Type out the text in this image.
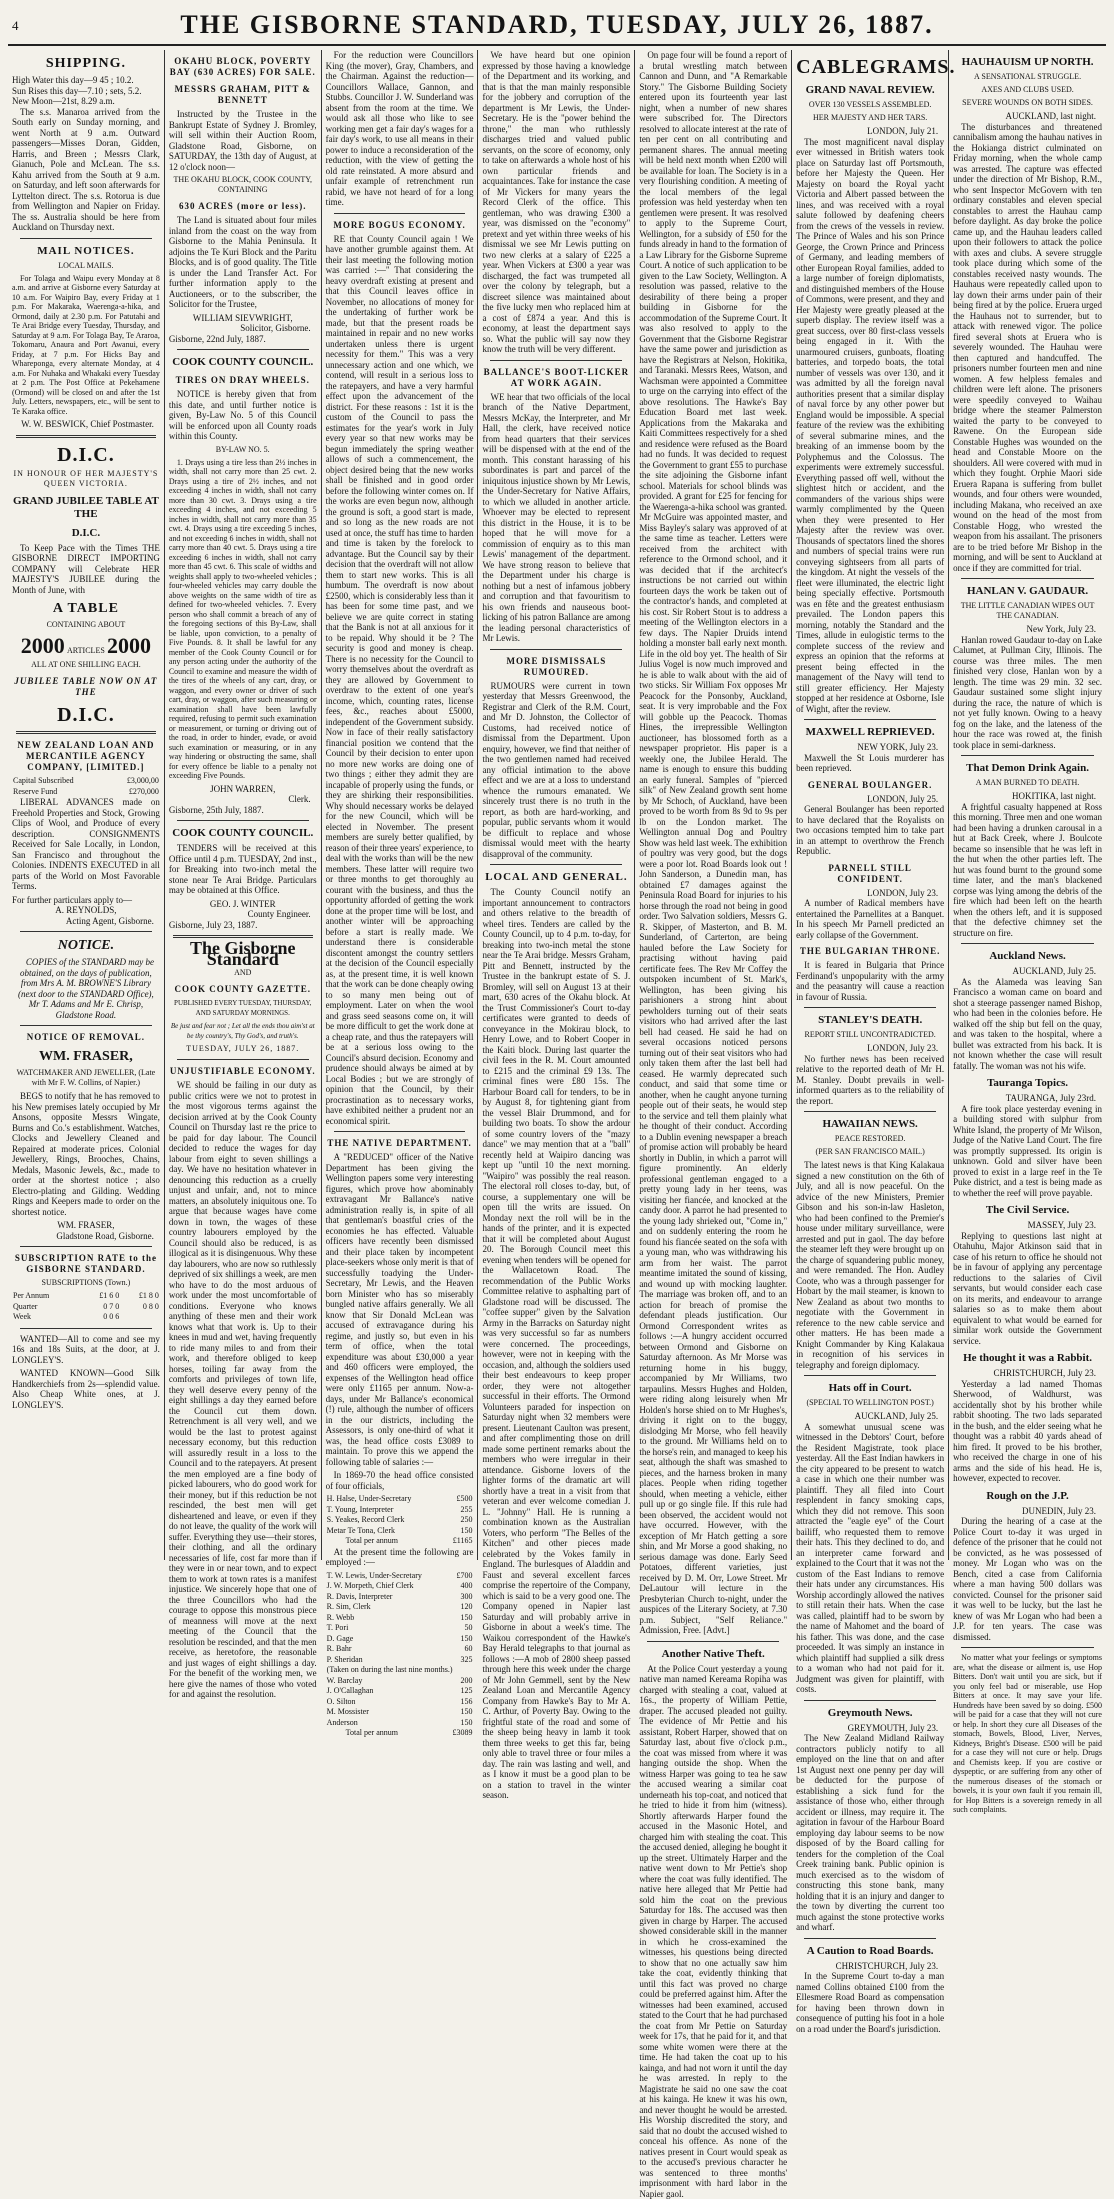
4	THE GISBORNE STANDARD, TUESDAY, JULY 26, 1887.
SHIPPING.
High Water this day—9 45 ; 10.2.
Sun Rises this day—7.10 ; sets, 5.2.
New Moon—21st, 8.29 a.m.

The s.s. Manaroa arrived from the South early on Sunday morning, and went North at 9 a.m. Outward passengers—Misses Doran, Gidden, Harris, and Breen ; Messrs Clark, Gianuch, Pole and McLean. The s.s. Kahu arrived from the South at 9 a.m. on Saturday, and left soon afterwards for Lyttelton direct. The s.s. Rotorua is due from Wellington and Napier on Friday. The ss. Australia should be here from Auckland on Thursday next.

MAIL NOTICES.
LOCAL MAILS.

For Tolaga and Waipu every Monday at 8 a.m. and arrive at Gisborne every Saturday at 10 a.m. For Waipiro Bay, every Friday at 1 p.m. For Makaraka, Waerenga-a-hika, and Ormond, daily at 2.30 p.m. For Patutahi and Te Arai Bridge every Tuesday, Thursday, and Saturday at 9 a.m. For Tolaga Bay, Te Araroa, Tokomaru, Anaura and Port Awanui, every Friday, at 7 p.m. For Hicks Bay and Whareponga, every alternate Monday, at 4 a.m. For Nuhaka and Whakaki every Tuesday at 2 p.m. The Post Office at Pekehamene (Ormond) will be closed on and after the 1st July. Letters, newspapers, etc., will be sent to Te Karaka office.

W. W. BESWICK, Chief Postmaster.
D.I.C.
IN HONOUR OF HER MAJESTY'S QUEEN VICTORIA.
GRAND JUBILEE TABLE AT THE
D.I.C.

To Keep Pace with the Times THE GISBORNE DIRECT IMPORTING COMPANY will Celebrate HER MAJESTY'S JUBILEE during the Month of June, with

A TABLE
CONTAINING ABOUT
2000 ARTICLES 2000
ALL AT ONE SHILLING EACH.
JUBILEE TABLE NOW ON AT THE
D.I.C.
NEW ZEALAND LOAN AND MERCANTILE AGENCY COMPANY, [LIMITED.]
Capital Subscribed	£3,000,00
Reserve Fund	£270,000

LIBERAL ADVANCES made on Freehold Properties and Stock, Growing Clips of Wool, and Produce of every description. CONSIGNMENTS Received for Sale Locally, in London, San Francisco and throughout the Colonies. INDENTS EXECUTED in all parts of the World on Most Favorable Terms.

For further particulars apply to—
A. REYNOLDS,
Acting Agent, Gisborne.
NOTICE.

COPIES of the STANDARD may be obtained, on the days of publication, from Mrs A. M. BROWNE'S Library (next door to the STANDARD Office), Mr T. Adams and Mr E. Chrisp, Gladstone Road.

NOTICE OF REMOVAL.
WM. FRASER,
WATCHMAKER AND JEWELLER, (Late with Mr F. W. Collins, of Napier.)

BEGS to notify that he has removed to his New premises lately occupied by Mr Ansons, opposite Messrs Wingate, Burns and Co.'s establishment. Watches, Clocks and Jewellery Cleaned and Repaired at moderate prices. Colonial Jewellery, Rings, Brooches, Chains, Medals, Masonic Jewels, &c., made to order at the shortest notice ; also Electro-plating and Gilding. Wedding Rings and Keepers made to order on the shortest notice.

WM. FRASER,
Gladstone Road, Gisborne.
SUBSCRIPTION RATE to the GISBORNE STANDARD.
SUBSCRIPTIONS (Town.)
Per Annum	£1 6 0	£1 8 0
Quarter	0 7 0	0 8 0
Week	0 0 6	

WANTED—All to come and see my 16s and 18s Suits, at the door, at J. LONGLEY'S.

WANTED KNOWN—Good Silk Handkerchiefs from 2s—splendid value. Also Cheap White ones, at J. LONGLEY'S.

OKAHU BLOCK, POVERTY BAY (630 ACRES) FOR SALE.
MESSRS GRAHAM, PITT & BENNETT

Instructed by the Trustee in the Bankrupt Estate of Sydney J. Bromley, will sell within their Auction Room, Gladstone Road, Gisborne, on SATURDAY, the 13th day of August, at 12 o'clock noon—

THE OKAHU BLOCK, COOK COUNTY, CONTAINING
630 ACRES (more or less).

The Land is situated about four miles inland from the coast on the way from Gisborne to the Mahia Peninsula. It adjoins the Te Kuri Block and the Paritu Blocks, and is of good quality. The Title is under the Land Transfer Act. For further information apply to the Auctioneers, or to the subscriber, the Solicitor for the Trustee,

WILLIAM SIEVWRIGHT,
Solicitor, Gisborne.
Gisborne, 22nd July, 1887.
COOK COUNTY COUNCIL.
TIRES ON DRAY WHEELS.

NOTICE is hereby given that from this date, and until further notice is given, By-Law No. 5 of this Council will be enforced upon all County roads within this County.

BY-LAW NO. 5.

1. Drays using a tire less than 2½ inches in width, shall not carry more than 25 cwt. 2. Drays using a tire of 2½ inches, and not exceeding 4 inches in width, shall not carry more than 30 cwt. 3. Drays using a tire exceeding 4 inches, and not exceeding 5 inches in width, shall not carry more than 35 cwt. 4. Drays using a tire exceeding 5 inches, and not exceeding 6 inches in width, shall not carry more than 40 cwt. 5. Drays using a tire exceeding 6 inches in width, shall not carry more than 45 cwt. 6. This scale of widths and weights shall apply to two-wheeled vehicles ; four-wheeled vehicles may carry double the above weights on the same width of tire as defined for two-wheeled vehicles. 7. Every person who shall commit a breach of any of the foregoing sections of this By-Law, shall be liable, upon conviction, to a penalty of Five Pounds. 8. It shall be lawful for any member of the Cook County Council or for any person acting under the authority of the Council to examine and measure the width of the tires of the wheels of any cart, dray, or waggon, and every owner or driver of such cart, dray, or waggon, after such measuring or examination shall have been lawfully required, refusing to permit such examination or measurement, or turning or driving out of the road, in order to hinder, evade, or avoid such examination or measuring, or in any way hindering or obstructing the same, shall for every offence be liable to a penalty not exceeding Five Pounds.

JOHN WARREN,
Clerk.
Gisborne, 25th July, 1887.
COOK COUNTY COUNCIL.

TENDERS will be received at this Office until 4 p.m. TUESDAY, 2nd inst., for Breaking into two-inch metal the stone near Te Arai Bridge. Particulars may be obtained at this Office.

GEO. J. WINTER
County Engineer.
Gisborne, July 23, 1887.
The Gisborne Standard
AND
COOK COUNTY GAZETTE.
PUBLISHED EVERY TUESDAY, THURSDAY, AND SATURDAY MORNINGS.
Be just and fear not ; Let all the ends thou aim'st at be thy country's, Thy God's, and truth's.
TUESDAY, JULY 26, 1887.
UNJUSTIFIABLE ECONOMY.

WE should be failing in our duty as public critics were we not to protest in the most vigorous terms against the decision arrived at by the Cook County Council on Thursday last re the price to be paid for day labour. The Council decided to reduce the wages for day labour from eight to seven shillings a day. We have no hesitation whatever in denouncing this reduction as a cruelly unjust and unfair, and, not to mince matters, an absolutely iniquitous one. To argue that because wages have come down in town, the wages of these country labourers employed by the Council should also be reduced, is as illogical as it is disingenuous. Why these day labourers, who are now so ruthlessly deprived of six shillings a week, are men who have to do the most arduous of work under the most uncomfortable of conditions. Everyone who knows anything of these men and their work knows what that work is. Up to their knees in mud and wet, having frequently to ride many miles to and from their work, and therefore obliged to keep horses, toiling far away from the comforts and privileges of town life, they well deserve every penny of the eight shillings a day they earned before the Council cut them down. Retrenchment is all very well, and we would be the last to protest against necessary economy, but this reduction will assuredly result in a loss to the Council and to the ratepayers. At present the men employed are a fine body of picked labourers, who do good work for their money, but if this reduction be not rescinded, the best men will get disheartened and leave, or even if they do not leave, the quality of the work will suffer. Everything they use—their stores, their clothing, and all the ordinary necessaries of life, cost far more than if they were in or near town, and to expect them to work at town rates is a manifest injustice. We sincerely hope that one of the three Councillors who had the courage to oppose this monstrous piece of meanness will move at the next meeting of the Council that the resolution be rescinded, and that the men receive, as heretofore, the reasonable and just wages of eight shillings a day. For the benefit of the working men, we here give the names of those who voted for and against the resolution.

For the reduction were Councillors King (the mover), Gray, Chambers, and the Chairman. Against the reduction—Councillors Wallace, Gannon, and Stubbs. Councillor J. W. Sunderland was absent from the room at the time. We would ask all those who like to see working men get a fair day's wages for a fair day's work, to use all means in their power to induce a reconsideration of the reduction, with the view of getting the old rate reinstated. A more absurd and unfair example of retrenchment run rabid, we have not heard of for a long time.

MORE BOGUS ECONOMY.

RE that County Council again ! We have another grumble against them. At their last meeting the following motion was carried :—" That considering the heavy overdraft existing at present and that this Council leaves office in November, no allocations of money for the undertaking of further work be made, but that the present roads be maintained in repair and no new works undertaken unless there is urgent necessity for them." This was a very unnecessary action and one which, we contend, will result in a serious loss to the ratepayers, and have a very harmful effect upon the advancement of the district. For these reasons : 1st it is the custom of the Council to pass the estimates for the year's work in July every year so that new works may be begun immediately the spring weather allows of such a commencement, the object desired being that the new works shall be finished and in good order before the following winter comes on. If the works are even begun now, although the ground is soft, a good start is made, and so long as the new roads are not used at once, the stuff has time to harden and time is taken by the forelock to advantage. But the Council say by their decision that the overdraft will not allow them to start new works. This is all humbum. The overdraft is now about £2500, which is considerably less than it has been for some time past, and we believe we are quite correct in stating that the Bank is not at all anxious for it to be repaid. Why should it be ? The security is good and money is cheap. There is no necessity for the Council to worry themselves about the overdraft as they are allowed by Government to overdraw to the extent of one year's income, which, counting rates, license fees, &c., reaches about £5000, independent of the Government subsidy. Now in face of their really satisfactory financial position we contend that the Council by their decision to enter upon no more new works are doing one of two things ; either they admit they are incapable of properly using the funds, or they are shirking their responsibilities. Why should necessary works be delayed for the new Council, which will be elected in November. The present members are surely better qualified, by reason of their three years' experience, to deal with the works than will be the new members. These latter will require two or three months to get thoroughly au courant with the business, and thus the opportunity afforded of getting the work done at the proper time will be lost, and another winter will be approaching before a start is really made. We understand there is considerable discontent amongst the country settlers at the decision of the Council especially as, at the present time, it is well known that the work can be done cheaply owing to so many men being out of employment. Later on when the wool and grass seed seasons come on, it will be more difficult to get the work done at a cheap rate, and thus the ratepayers will be at a serious loss owing to the Council's absurd decision. Economy and prudence should always be aimed at by Local Bodies ; but we are strongly of opinion that the Council, by their procrastination as to necessary works, have exhibited neither a prudent nor an economical spirit.

THE NATIVE DEPARTMENT.

A "REDUCED" officer of the Native Department has been giving the Wellington papers some very interesting figures, which prove how abominably extravagant Mr Ballance's native administration really is, in spite of all that gentleman's boastful cries of the economies he has effected. Valuable officers have recently been dismissed and their place taken by incompetent place-seekers whose only merit is that of successfully toadying the Under-Secretary, Mr Lewis, and the Heaven born Minister who has so miserably bungled native affairs generally. We all know that Sir Donald McLean was accused of extravagance during his regime, and justly so, but even in his term of office, when the total expenditure was about £30,000 a year and 460 officers were employed, the expenses of the Wellington head office were only £1165 per annum. Now-a-days, under Mr Ballance's economical (!) rule, although the number of officers in the our districts, including the Assessors, is only one-third of what it was, the head office costs £3089 to maintain. To prove this we append the following table of salaries :—

In 1869-70 the head office consisted of four officials,

H. Halse, Under-Secretary	£500
T. Young, Interpreter	255
S. Yeakes, Record Clerk	250
Metar Te Tona, Clerk	150
Total per annum	£1165

At the present time the following are employed :—

T. W. Lewis, Under-Secretary	£700
J. W. Morpeth, Chief Clerk	400
R. Davis, Interpreter	300
R. Sim, Clerk	120
R. Webb	150
T. Pori	50
D. Gage	150
R. Bahr	60
P. Sheridan	325
(Taken on during the last nine months.)	
W. Barclay	200
J. O'Callaghan	125
O. Silton	156
M. Mossister	150
Anderson	150
Total per annum	£3089

We have heard but one opinion expressed by those having a knowledge of the Department and its working, and that is that the man mainly responsible for the jobbery and corruption of the department is Mr Lewis, the Under-Secretary. He is the "power behind the throne," the man who ruthlessly discharges tried and valued public servants, on the score of economy, only to take on afterwards a whole host of his own particular friends and acquaintances. Take for instance the case of Mr Vickers for many years the Record Clerk of the office. This gentleman, who was drawing £300 a year, was dismissed on the "economy" pretext and yet within three weeks of his dismissal we see Mr Lewis putting on two new clerks at a salary of £225 a year. When Vickers at £300 a year was discharged, the fact was trumpeted all over the colony by telegraph, but a discreet silence was maintained about the five lucky men who replaced him at a cost of £874 a year. And this is economy, at least the department says so. What the public will say now they know the truth will be very different.

BALLANCE'S BOOT-LICKER AT WORK AGAIN.

WE hear that two officials of the local branch of the Native Department, Messrs McKay, the Interpreter, and Mr Hall, the clerk, have received notice from head quarters that their services will be dispensed with at the end of the month. This constant harassing of his subordinates is part and parcel of the iniquitous injustice shown by Mr Lewis, the Under-Secretary for Native Affairs, to which we alluded in another article. Whoever may be elected to represent this district in the House, it is to be hoped that he will move for a commission of enquiry as to this man Lewis' management of the department. We have strong reason to believe that the Department under his charge is nothing but a nest of infamous jobbery and corruption and that favouritism to his own friends and nauseous boot-licking of his patron Ballance are among the leading personal characteristics of Mr Lewis.

MORE DISMISSALS RUMOURED.

RUMOURS were current in town yesterday that Messrs Greenwood, the Registrar and Clerk of the R.M. Court, and Mr D. Johnston, the Collector of Customs, had received notice of dismissal from the Department. Upon enquiry, however, we find that neither of the two gentlemen named had received any official intimation to the above effect and we are at a loss to understand whence the rumours emanated. We sincerely trust there is no truth in the report, as both are hard-working, and popular, public servants whom it would be difficult to replace and whose dismissal would meet with the hearty disapproval of the community.

LOCAL AND GENERAL.

The County Council notify an important announcement to contractors and others relative to the breadth of wheel tires. Tenders are called by the County Council, up to 4 p.m. to-day, for breaking into two-inch metal the stone near the Te Arai bridge. Messrs Graham, Pitt and Bennett, instructed by the Trustee in the bankrupt estate of S. J. Bromley, will sell on August 13 at their mart, 630 acres of the Okahu block. At the Trust Commissioner's Court to-day certificates were granted to deeds of conveyance in the Mokirau block, to Henry Lowe, and to Robert Cooper in the Kaiti block. During last quarter the civil fees in the R. M. Court amounted to £215 and the criminal £9 13s. The criminal fines were £80 15s. The Harbour Board call for tenders, to be in by August 8, for tightening giant from the vessel Blair Drummond, and for building two boats. To show the ardour of some country lovers of the "mazy dance" we may mention that at a "ball" recently held at Waipiro dancing was kept up "until 10 the next morning. "Waipiro" was possibly the real reason. The electoral roll closes to-day, but, of course, a supplementary one will be open till the writs are issued. On Monday next the roll will be in the hands of the printer, and it is expected that it will be completed about August 20. The Borough Council meet this evening when tenders will be opened for the Wallacetown Road. The recommendation of the Public Works Committee relative to asphalting part of Gladstone road will be discussed. The "coffee supper" given by the Salvation Army in the Barracks on Saturday night was very successful so far as numbers were concerned. The proceedings, however, were not in keeping with the occasion, and, although the soldiers used their best endeavours to keep proper order, they were not altogether successful in their efforts. The Ormond Volunteers paraded for inspection on Saturday night when 32 members were present. Lieutenant Caulton was present, and after complimenting those on drill made some pertinent remarks about the members who were irregular in their attendance. Gisborne lovers of the lighter forms of the dramatic art will shortly have a treat in a visit from that veteran and ever welcome comedian J. L. "Johnny" Hall. He is running a combination known as the Australian Voters, who perform "The Belles of the Kitchen" and other pieces made celebrated by the Vokes family in England. The burlesques of Aladdin and Faust and several excellent farces comprise the repertoire of the Company, which is said to be a very good one. The Company opened in Napier last Saturday and will probably arrive in Gisborne in about a week's time. The Waikou correspondent of the Hawke's Bay Herald telegraphs to that journal as follows :—A mob of 2800 sheep passed through here this week under the charge of Mr John Gemmell, sent by the New Zealand Loan and Mercantile Agency Company from Hawke's Bay to Mr A. C. Arthur, of Poverty Bay. Owing to the frightful state of the road and some of the sheep being heavy in lamb it took them three weeks to get this far, being only able to travel three or four miles a day. The rain was lasting and well, and as I know it must be a good plan to be on a station to travel in the winter season.

On page four will be found a report of a brutal wrestling match between Cannon and Dunn, and "A Remarkable Story." The Gisborne Building Society entered upon its fourteenth year last night, when a number of new shares were subscribed for. The Directors resolved to allocate interest at the rate of ten per cent on all contributing and permanent shares. The annual meeting will be held next month when £200 will be available for loan. The Society is in a very flourishing condition. A meeting of the local members of the legal profession was held yesterday when ten gentlemen were present. It was resolved to apply to the Supreme Court, Wellington, for a subsidy of £50 for the funds already in hand to the formation of a Law Library for the Gisborne Supreme Court. A notice of such application to be given to the Law Society, Wellington. A resolution was passed, relative to the desirability of there being a proper building in Gisborne for the accommodation of the Supreme Court. It was also resolved to apply to the Government that the Gisborne Registrar have the same power and jurisdiction as have the Registrars at Nelson, Hokitika, and Taranaki. Messrs Rees, Watson, and Wachsman were appointed a Committee to urge on the carrying into effect of the above resolutions. The Hawke's Bay Education Board met last week. Applications from the Makaraka and Kaiti Committees respectively for a shed and residence were refused as the Board had no funds. It was decided to request the Government to grant £55 to purchase the site adjoining the Gisborne infant school. Materials for school blinds was provided. A grant for £25 for fencing for the Waerenga-a-hika school was granted. Mr McGuire was appointed master, and Miss Bayley's salary was approved of at the same time as teacher. Letters were received from the architect with reference to the Ormond school, and it was decided that if the architect's instructions be not carried out within fourteen days the work be taken out of the contractor's hands, and completed at his cost. Sir Robert Stout is to address a meeting of the Wellington electors in a few days. The Napier Druids intend holding a monster ball early next month. Life in the old boy yet. The health of Sir Julius Vogel is now much improved and he is able to walk about with the aid of two sticks. Sir William Fox opposes Mr Peacock for the Ponsonby, Auckland, seat. It is very improbable and the Fox will gobble up the Peacock. Thomas Hines, the irrepressible Wellington auctioneer, has blossomed forth as a newspaper proprietor. His paper is a weekly one, the Jubilee Herald. The name is enough to ensure this budding an early funeral. Samples of "pierced silk" of New Zealand growth sent home by Mr Schoch, of Auckland, have been proved to be worth from 8s 9d to 9s per lb on the London market. The Wellington annual Dog and Poultry Show was held last week. The exhibition of poultry was very good, but the dogs were a poor lot. Road Boards look out ! John Sanderson, a Dunedin man, has obtained £7 damages against the Peninsula Road Board for injuries to his horse through the road not being in good order. Two Salvation soldiers, Messrs G. R. Skipper, of Masterton, and B. M. Sunderland, of Carterton, are being hauled before the Law Society for practising without having paid certificate fees. The Rev Mr Coffey the outspoken incumbent of St. Mark's, Wellington, has been giving his parishioners a strong hint about pewholders turning out of their seats visitors who had arrived after the last bell had ceased. He said he had on several occasions noticed persons turning out of their seat visitors who had only taken them after the last bell had ceased. He warmly deprecated such conduct, and said that some time or another, when he caught anyone turning people out of their seats, he would step to the service and tell them plainly what he thought of their conduct. According to a Dublin evening newspaper a breach of promise action will probably be heard shortly in Dublin, in which a parrot will figure prominently. An elderly professional gentleman engaged to a pretty young lady in her teens, was visiting her fiancée, and knocked at the candy door. A parrot he had presented to the young lady shrieked out, "Come in," and on suddenly entering the room he found his fiancée seated on the sofa with a young man, who was withdrawing his arm from her waist. The parrot meantime imitated the sound of kissing, and wound up with mocking laughter. The marriage was broken off, and to an action for breach of promise the defendant pleads justification. Our Ormond Correspondent writes as follows :—A hungry accident occurred between Ormond and Gisborne on Saturday afternoon. As Mr Morse was returning home in his buggy, accompanied by Mr Williams, two tarpaulins. Messrs Hughes and Holden, were riding along leisurely when Mr Holden's horse shied on to Mr Hughes's, driving it right on to the buggy, dislodging Mr Morse, who fell heavily to the ground. Mr Williams held on to the horse's rein, and managed to keep his seat, although the shaft was smashed to pieces, and the harness broken in many places. People when riding together should, when meeting a vehicle, either pull up or go single file. If this rule had been observed, the accident would not have occurred. However, with the exception of Mr Hatch getting a sore shin, and Mr Morse a good shaking, no serious damage was done. Early Seed Potatoes, different varieties, just received by D. M. Orr, Lowe Street. Mr DeLautour will lecture in the Presbyterian Church to-night, under the auspices of the Literary Society, at 7.30 p.m. Subject, "Self Reliance." Admission, Free. [Advt.]

Another Native Theft.

At the Police Court yesterday a young native man named Kereama Ropiha was charged with stealing a coat, valued at 16s., the property of William Pettie, draper. The accused pleaded not guilty. The evidence of Mr Pettie and his assistant, Robert Harper, showed that on Saturday last, about five o'clock p.m., the coat was missed from where it was hanging outside the shop. When the witness Harper was going to tea he saw the accused wearing a similar coat underneath his top-coat, and noticed that he tried to hide it from him (witness). Shortly afterwards Harper found the accused in the Masonic Hotel, and charged him with stealing the coat. This the accused denied, alleging he bought it up the street. Ultimately Harper and the native went down to Mr Pettie's shop where the coat was fully identified. The native here alleged that Mr Pettie had sold him the coat on the previous Saturday for 18s. The accused was then given in charge by Harper. The accused showed considerable skill in the manner in which he cross-examined the witnesses, his questions being directed to show that no one actually saw him take the coat, evidently thinking that until this fact was proved no charge could be preferred against him. After the witnesses had been examined, accused stated to the Court that he had purchased the coat from Mr Pettie on Saturday week for 17s, that he paid for it, and that some white women were there at the time. He had taken the coat up to his kainga, and had not worn it until the day he was arrested. In reply to the Magistrate he said no one saw the coat at his kainga. He knew it was his own, and never thought he would be arrested. His Worship discredited the story, and said that no doubt the accused wished to conceal his offence. As none of the natives present in Court would speak as to the accused's previous character he was sentenced to three months' imprisonment with hard labor in the Napier gaol.

CABLEGRAMS.
GRAND NAVAL REVIEW.
OVER 130 VESSELS ASSEMBLED.
HER MAJESTY AND HER TARS.
LONDON, July 21.

The most magnificent naval display ever witnessed in British waters took place on Saturday last off Portsmouth, before her Majesty the Queen. Her Majesty on board the Royal yacht Victoria and Albert passed between the lines, and was received with a royal salute followed by deafening cheers from the crews of the vessels in review. The Prince of Wales and his son Prince George, the Crown Prince and Princess of Germany, and leading members of other European Royal families, added to a large number of foreign diplomatists, and distinguished members of the House of Commons, were present, and they and Her Majesty were greatly pleased at the superb display. The review itself was a great success, over 80 first-class vessels being engaged in it. With the unarmoured cruisers, gunboats, floating batteries, and torpedo boats, the total number of vessels was over 130, and it was admitted by all the foreign naval authorities present that a similar display of naval force by any other power but England would be impossible. A special feature of the review was the exhibiting of several submarine mines, and the breaking of an immense boom by the Polyphemus and the Colossus. The experiments were extremely successful. Everything passed off well, without the slightest hitch or accident, and the commanders of the various ships were warmly complimented by the Queen when they were presented to Her Majesty after the review was over. Thousands of spectators lined the shores and numbers of special trains were run conveying sightseers from all parts of the kingdom. At night the vessels of the fleet were illuminated, the electric light being specially effective. Portsmouth was en fête and the greatest enthusiasm prevailed. The London papers this morning, notably the Standard and the Times, allude in eulogistic terms to the complete success of the review and express an opinion that the reforms at present being effected in the management of the Navy will tend to still greater efficiency. Her Majesty stopped at her residence at Osborne, Isle of Wight, after the review.

MAXWELL REPRIEVED.
NEW YORK, July 23.

Maxwell the St Louis murderer has been reprieved.

GENERAL BOULANGER.
LONDON, July 25.

General Boulanger has been reported to have declared that the Royalists on two occasions tempted him to take part in an attempt to overthrow the French Republic.

PARNELL STILL CONFIDENT.
LONDON, July 23.

A number of Radical members have entertained the Parnellites at a Banquet. In his speech Mr Parnell predicted an early collapse of the Government.

THE BULGARIAN THRONE.

It is feared in Bulgaria that Prince Ferdinand's unpopularity with the army and the peasantry will cause a reaction in favour of Russia.

STANLEY'S DEATH.
REPORT STILL UNCONTRADICTED.
LONDON, July 23.

No further news has been received relative to the reported death of Mr H. M. Stanley. Doubt prevails in well-informed quarters as to the reliability of the report.

HAWAIIAN NEWS.
PEACE RESTORED.
(PER SAN FRANCISCO MAIL.)

The latest news is that King Kalakaua signed a new constitution on the 6th of July, and all is now peaceful. On the advice of the new Ministers, Premier Gibson and his son-in-law Hasleton, who had been confined to the Premier's house under military surveillance, were arrested and put in gaol. The day before the steamer left they were brought up on the charge of squandering public money, and were remanded. The Hon. Audley Coote, who was a through passenger for Hobart by the mail steamer, is known to New Zealand as about two months to negotiate with the Government in reference to the new cable service and other matters. He has been made a Knight Commander by King Kalakaua in recognition of his services in telegraphy and foreign diplomacy.

Hats off in Court.
(SPECIAL TO WELLINGTON POST.)
AUCKLAND, July 25.

A somewhat unusual scene was witnessed in the Debtors' Court, before the Resident Magistrate, took place yesterday. All the East Indian hawkers in the city appeared to be present to watch a case in which one their number was plaintiff. They all filed into Court resplendent in fancy smoking caps, which they did not remove. This soon attracted the "eagle eye" of the Court bailiff, who requested them to remove their hats. This they declined to do, and an interpreter came forward and explained to the Court that it was not the custom of the East Indians to remove their hats under any circumstances. His Worship accordingly allowed the natives to still retain their hats. When the case was called, plaintiff had to be sworn by the name of Mahomet and the board of his father. This was done, and the case proceeded. It was simply an instance in which plaintiff had supplied a silk dress to a woman who had not paid for it. Judgment was given for plaintiff, with costs.

Greymouth News.
GREYMOUTH, July 23.

The New Zealand Midland Railway contractors publicly notify to all employed on the line that on and after 1st August next one penny per day will be deducted for the purpose of establishing a sick fund for the assistance of those who, either through accident or illness, may require it. The agitation in favour of the Harbour Board employing day labour seems to be now disposed of by the Board calling for tenders for the completion of the Coal Creek training bank. Public opinion is much exercised as to the wisdom of constructing this stone bank, many holding that it is an injury and danger to the town by diverting the current too much against the stone protective works and wharf.

A Caution to Road Boards.
CHRISTCHURCH, July 23.

In the Supreme Court to-day a man named Collins obtained £100 from the Ellesmere Road Board as compensation for having been thrown down in consequence of putting his foot in a hole on a road under the Board's jurisdiction.

HAUHAUISM UP NORTH.
A SENSATIONAL STRUGGLE.
AXES AND CLUBS USED.
SEVERE WOUNDS ON BOTH SIDES.
AUCKLAND, last night.

The disturbances and threatened cannibalism among the hauhau natives in the Hokianga district culminated on Friday morning, when the whole camp was arrested. The capture was effected under the direction of Mr Bishop, R.M., who sent Inspector McGovern with ten ordinary constables and eleven special constables to arrest the Hauhau camp before daylight. As day broke the police came up, and the Hauhau leaders called upon their followers to attack the police with axes and clubs. A severe struggle took place during which some of the constables received nasty wounds. The Hauhaus were repeatedly called upon to lay down their arms under pain of their being fired at by the police. Eruera urged the Hauhaus not to surrender, but to attack with renewed vigor. The police fired several shots at Eruera who is severely wounded. The Hauhau were then captured and handcuffed. The prisoners number fourteen men and nine women. A few helpless females and children were left alone. The prisoners were speedily conveyed to Waihau bridge where the steamer Palmerston waited the party to be conveyed to Rawene. On the European side Constable Hughes was wounded on the head and Constable Moore on the shoulders. All were covered with mud in which they fought. Orphie Maori side Eruera Rapana is suffering from bullet wounds, and four others were wounded, including Makana, who received an axe wound on the head of the most from Constable Hogg, who wrested the weapon from his assailant. The prisoners are to be tried before Mr Bishop in the morning, and will be sent to Auckland at once if they are committed for trial.

HANLAN V. GAUDAUR.
THE LITTLE CANADIAN WIPES OUT THE CANADIAN.
New York, July 23.

Hanlan rowed Gaudaur to-day on Lake Calumet, at Pullman City, Illinois. The course was three miles. The men finished very close, Hanlan won by a length. The time was 29 min. 32 sec. Gaudaur sustained some slight injury during the race, the nature of which is not yet fully known. Owing to a heavy fog on the lake, and the lateness of the hour the race was rowed at, the finish took place in semi-darkness.

That Demon Drink Again.
A MAN BURNED TO DEATH.
HOKITIKA, last night.

A frightful casualty happened at Ross this morning. Three men and one woman had been having a drunken carousal in a hut at Back Creek, where J. Boulcote became so insensible that he was left in the hut when the other parties left. The hut was found burnt to the ground some time later, and the man's blackened corpse was lying among the debris of the fire which had been left on the hearth when the others left, and it is supposed that the defective chimney set the structure on fire.

Auckland News.
AUCKLAND, July 25.

As the Alameda was leaving San Francisco a woman came on board and shot a steerage passenger named Bishop, who had been in the colonies before. He walked off the ship but fell on the quay, and was taken to the hospital, where a bullet was extracted from his back. It is not known whether the case will result fatally. The woman was not his wife.

Tauranga Topics.
TAURANGA, July 23rd.

A fire took place yesterday evening in a building stored with sulphur from White Island, the property of Mr Wilson, Judge of the Native Land Court. The fire was promptly suppressed. Its origin is unknown. Gold and silver have been proved to exist in a large reef in the Te Puke district, and a test is being made as to whether the reef will prove payable.

The Civil Service.
MASSEY, July 23.

Replying to questions last night at Otahuhu, Major Atkinson said that in case of his return to office he should not be in favour of applying any percentage reductions to the salaries of Civil servants, but would consider each case on its merits, and endeavour to arrange salaries so as to make them about equivalent to what would be earned for similar work outside the Government service.

He thought it was a Rabbit.
CHRISTCHURCH, July 23.

Yesterday a lad named Thomas Sherwood, of Waldhurst, was accidentally shot by his brother while rabbit shooting. The two lads separated in the bush, and the elder seeing what he thought was a rabbit 40 yards ahead of him fired. It proved to be his brother, who received the charge in one of his arms and the side of his head. He is, however, expected to recover.

Rough on the J.P.
DUNEDIN, July 23.

During the hearing of a case at the Police Court to-day it was urged in defence of the prisoner that he could not be convicted, as he was possessed of money. Mr Logan who was on the Bench, cited a case from California where a man having 500 dollars was convicted. Counsel for the prisoner said it was well to be lucky, but the last he knew of was Mr Logan who had been a J.P. for ten years. The case was dismissed.

No matter what your feelings or symptoms are, what the disease or ailment is, use Hop Bitters. Don't wait until you are sick, but if you only feel bad or miserable, use Hop Bitters at once. It may save your life. Hundreds have been saved by so doing. £500 will be paid for a case that they will not cure or help. In short they cure all Diseases of the stomach, Bowels, Blood, Liver, Nerves, Kidneys, Bright's Disease. £500 will be paid for a case they will not cure or help. Drugs and Chemists keep. If you are costive or dyspeptic, or are suffering from any other of the numerous diseases of the stomach or bowels, it is your own fault if you remain ill, for Hop Bitters is a sovereign remedy in all such complaints.
